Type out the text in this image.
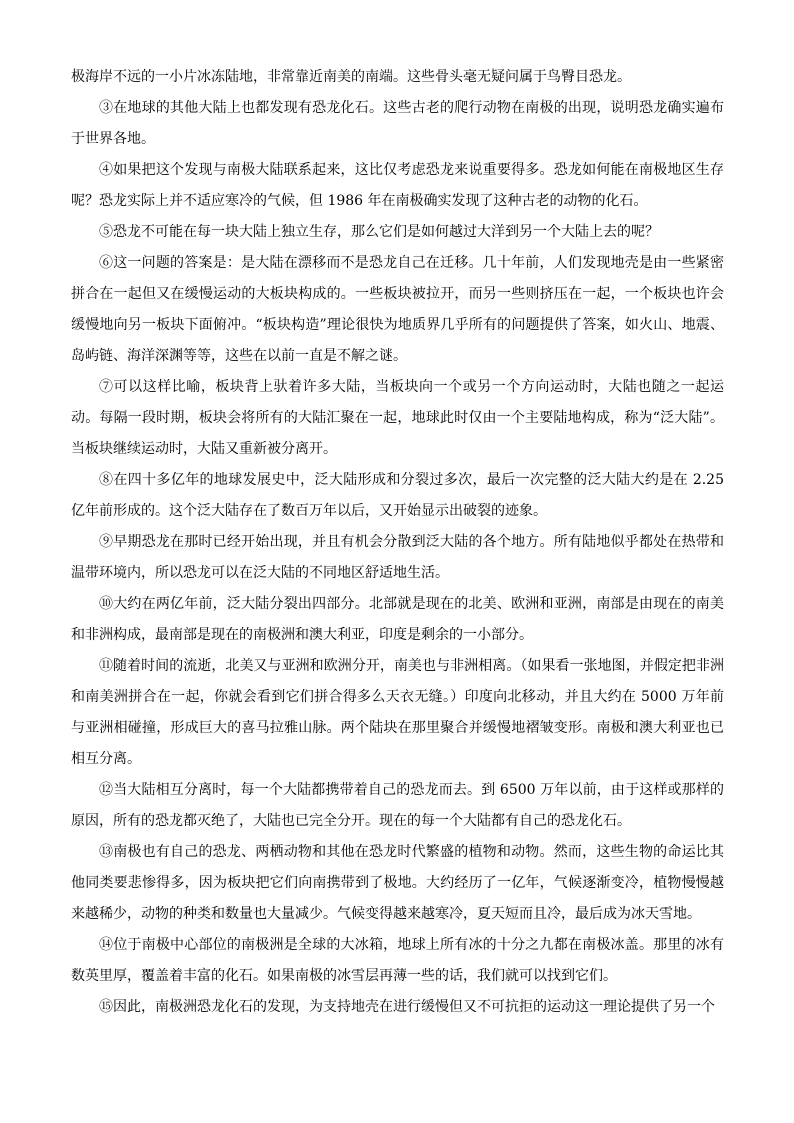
极海岸不远的一小片冰冻陆地，非常靠近南美的南端。这些骨头毫无疑问属于鸟臀目恐龙。

③在地球的其他大陆上也都发现有恐龙化石。这些古老的爬行动物在南极的出现，说明恐龙确实遍布于世界各地。

④如果把这个发现与南极大陆联系起来，这比仅考虑恐龙来说重要得多。恐龙如何能在南极地区生存呢？恐龙实际上并不适应寒冷的气候，但 1986 年在南极确实发现了这种古老的动物的化石。

⑤恐龙不可能在每一块大陆上独立生存，那么它们是如何越过大洋到另一个大陆上去的呢？

⑥这一问题的答案是：是大陆在漂移而不是恐龙自己在迁移。几十年前，人们发现地壳是由一些紧密拼合在一起但又在缓慢运动的大板块构成的。一些板块被拉开，而另一些则挤压在一起，一个板块也许会缓慢地向另一板块下面俯冲。“板块构造”理论很快为地质界几乎所有的问题提供了答案，如火山、地震、岛屿链、海洋深渊等等，这些在以前一直是不解之谜。

⑦可以这样比喻，板块背上驮着许多大陆，当板块向一个或另一个方向运动时，大陆也随之一起运动。每隔一段时期，板块会将所有的大陆汇聚在一起，地球此时仅由一个主要陆地构成，称为“泛大陆”。当板块继续运动时，大陆又重新被分离开。

⑧在四十多亿年的地球发展史中，泛大陆形成和分裂过多次，最后一次完整的泛大陆大约是在 2.25 亿年前形成的。这个泛大陆存在了数百万年以后，又开始显示出破裂的迹象。

⑨早期恐龙在那时已经开始出现，并且有机会分散到泛大陆的各个地方。所有陆地似乎都处在热带和温带环境内，所以恐龙可以在泛大陆的不同地区舒适地生活。

⑩大约在两亿年前，泛大陆分裂出四部分。北部就是现在的北美、欧洲和亚洲，南部是由现在的南美和非洲构成，最南部是现在的南极洲和澳大利亚，印度是剩余的一小部分。

⑪随着时间的流逝，北美又与亚洲和欧洲分开，南美也与非洲相离。（如果看一张地图，并假定把非洲和南美洲拼合在一起，你就会看到它们拼合得多么天衣无缝。）印度向北移动，并且大约在 5000 万年前与亚洲相碰撞，形成巨大的喜马拉雅山脉。两个陆块在那里聚合并缓慢地褶皱变形。南极和澳大利亚也已相互分离。

⑫当大陆相互分离时，每一个大陆都携带着自己的恐龙而去。到 6500 万年以前，由于这样或那样的原因，所有的恐龙都灭绝了，大陆也已完全分开。现在的每一个大陆都有自己的恐龙化石。

⑬南极也有自己的恐龙、两栖动物和其他在恐龙时代繁盛的植物和动物。然而，这些生物的命运比其他同类要悲惨得多，因为板块把它们向南携带到了极地。大约经历了一亿年，气候逐渐变冷，植物慢慢越来越稀少，动物的种类和数量也大量减少。气候变得越来越寒冷，夏天短而且冷，最后成为冰天雪地。

⑭位于南极中心部位的南极洲是全球的大冰箱，地球上所有冰的十分之九都在南极冰盖。那里的冰有数英里厚，覆盖着丰富的化石。如果南极的冰雪层再薄一些的话，我们就可以找到它们。

⑮因此，南极洲恐龙化石的发现，为支持地壳在进行缓慢但又不可抗拒的运动这一理论提供了另一个
